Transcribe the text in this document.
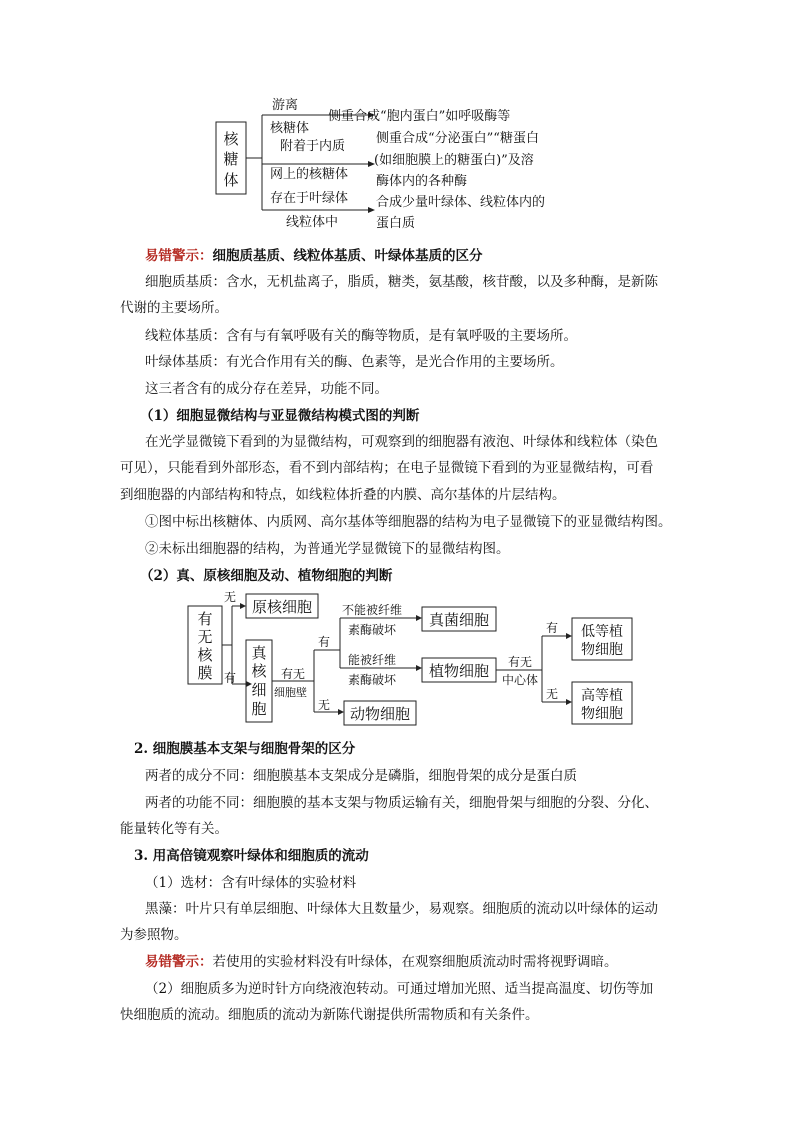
核
糖
体
游离
核糖体
附着于内质
网上的核糖体
存在于叶绿体
线粒体中
侧重合成“胞内蛋白”如呼吸酶等
侧重合成“分泌蛋白”“糖蛋白
(如细胞膜上的糖蛋白)”及溶
酶体内的各种酶
合成少量叶绿体、线粒体内的
蛋白质
易错警示：细胞质基质、线粒体基质、叶绿体基质的区分
细胞质基质：含水，无机盐离子，脂质，糖类，氨基酸，核苷酸，以及多种酶，是新陈
代谢的主要场所。
线粒体基质：含有与有氧呼吸有关的酶等物质，是有氧呼吸的主要场所。
叶绿体基质：有光合作用有关的酶、色素等，是光合作用的主要场所。
这三者含有的成分存在差异，功能不同。
（1）细胞显微结构与亚显微结构模式图的判断
在光学显微镜下看到的为显微结构，可观察到的细胞器有液泡、叶绿体和线粒体（染色
可见），只能看到外部形态，看不到内部结构；在电子显微镜下看到的为亚显微结构，可看
到细胞器的内部结构和特点，如线粒体折叠的内膜、高尔基体的片层结构。
①图中标出核糖体、内质网、高尔基体等细胞器的结构为电子显微镜下的亚显微结构图。
②未标出细胞器的结构，为普通光学显微镜下的显微结构图。
（2）真、原核细胞及动、植物细胞的判断
有
无
核
膜
无
有
原核细胞
真
核
细
胞
有无
细胞壁
有
无
不能被纤维
素酶破坏
能被纤维
素酶破坏
真菌细胞
植物细胞
动物细胞
有无
中心体
有
无
低等植
物细胞
高等植
物细胞
2. 细胞膜基本支架与细胞骨架的区分
两者的成分不同：细胞膜基本支架成分是磷脂，细胞骨架的成分是蛋白质
两者的功能不同：细胞膜的基本支架与物质运输有关，细胞骨架与细胞的分裂、分化、
能量转化等有关。
3. 用高倍镜观察叶绿体和细胞质的流动
（1）选材：含有叶绿体的实验材料
黑藻：叶片只有单层细胞、叶绿体大且数量少，易观察。细胞质的流动以叶绿体的运动
为参照物。
易错警示：若使用的实验材料没有叶绿体，在观察细胞质流动时需将视野调暗。
（2）细胞质多为逆时针方向绕液泡转动。可通过增加光照、适当提高温度、切伤等加
快细胞质的流动。细胞质的流动为新陈代谢提供所需物质和有关条件。
